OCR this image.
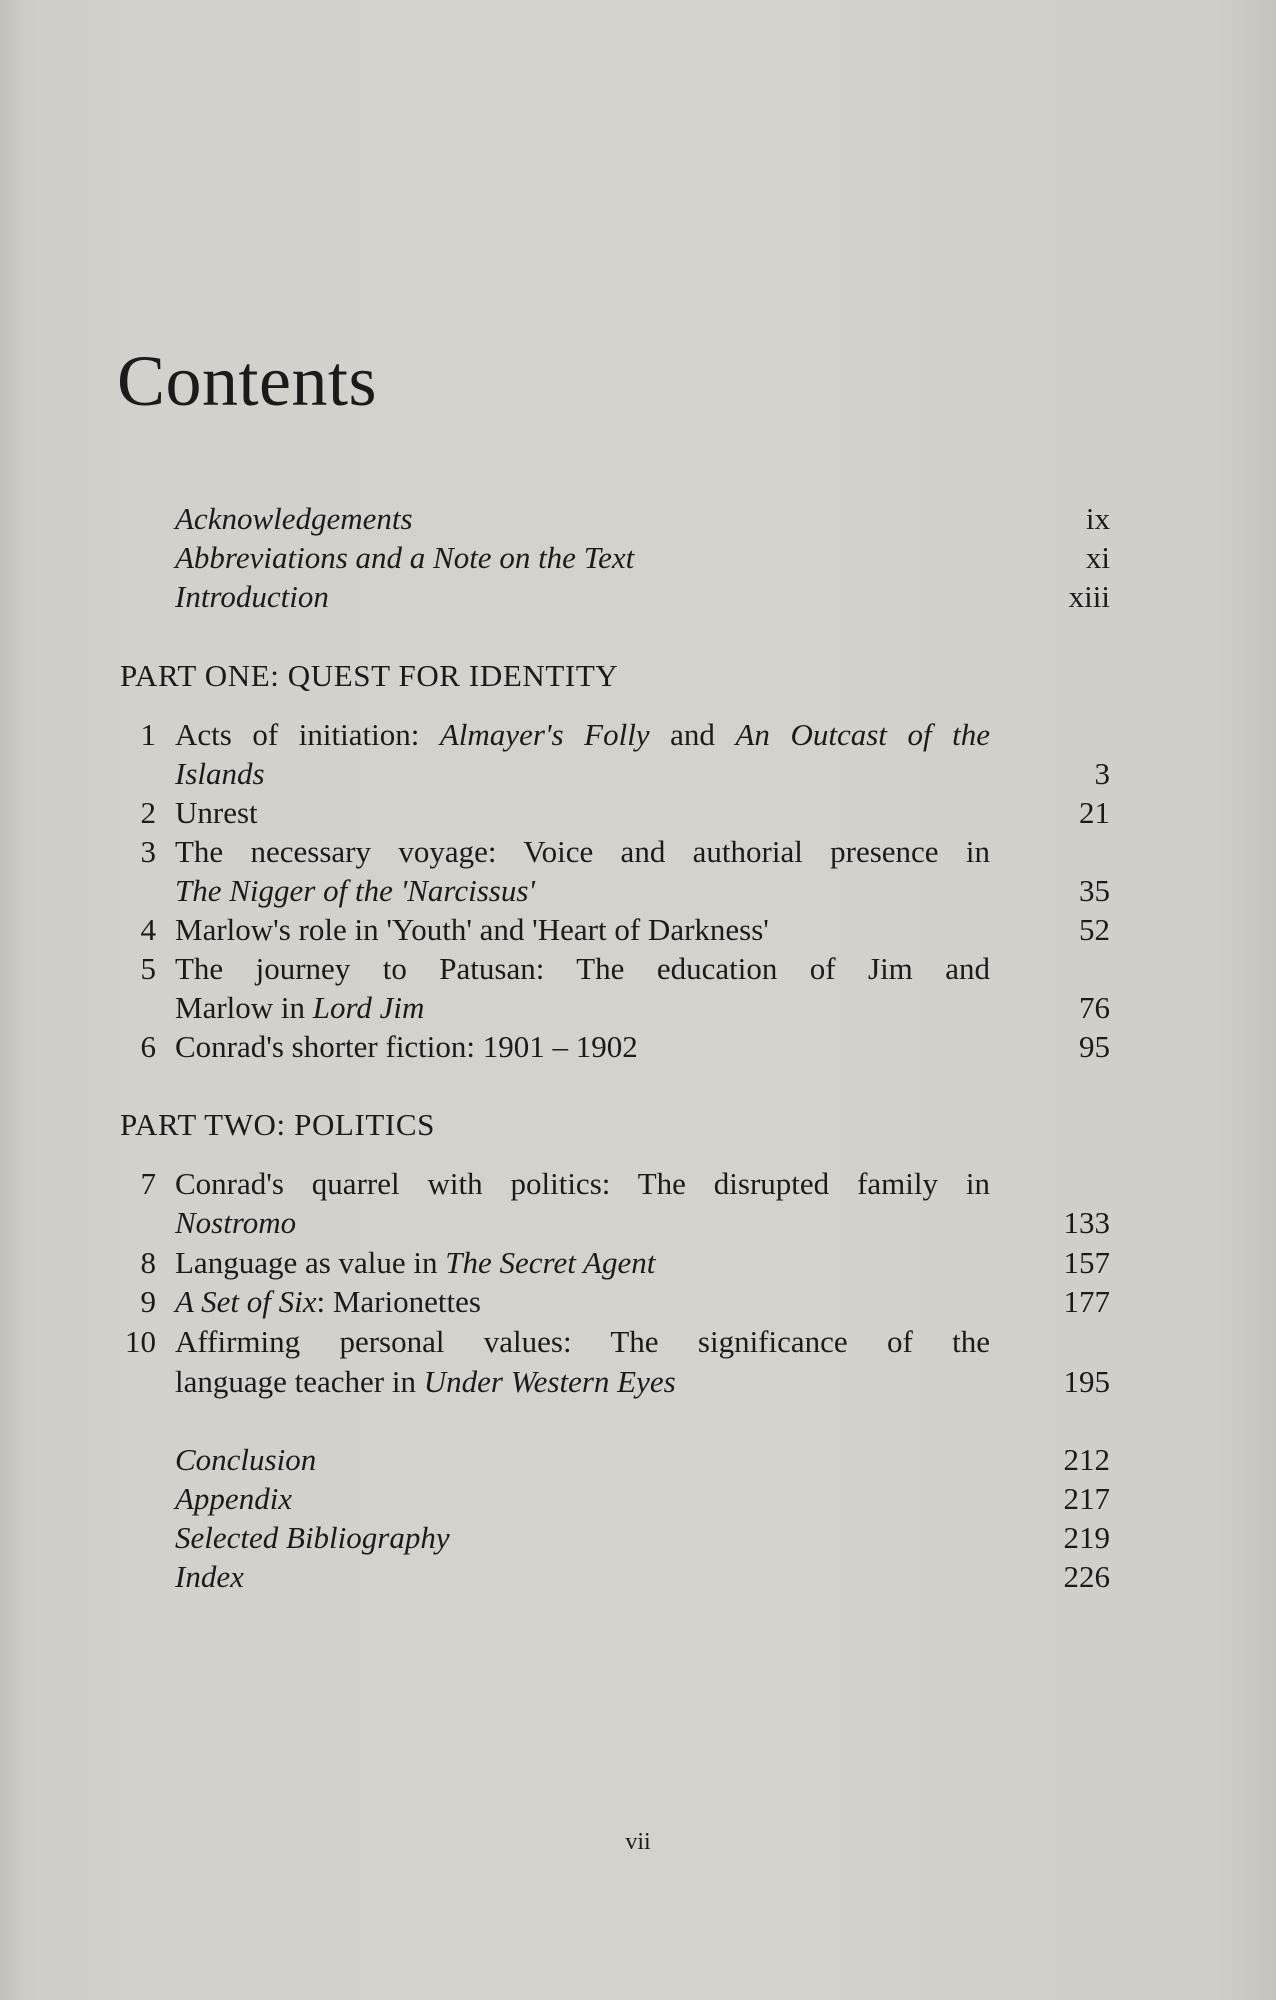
Contents
Acknowledgements	ix
Abbreviations and a Note on the Text	xi
Introduction	xiii
PART ONE: QUEST FOR IDENTITY
1 Acts of initiation: Almayer's Folly and An Outcast of the
Islands	3
2 Unrest	21
3 The necessary voyage: Voice and authorial presence in
The Nigger of the 'Narcissus'	35
4 Marlow's role in 'Youth' and 'Heart of Darkness'	52
5 The journey to Patusan: The education of Jim and
Marlow in Lord Jim	76
6 Conrad's shorter fiction: 1901 – 1902	95
PART TWO: POLITICS
7 Conrad's quarrel with politics: The disrupted family in
Nostromo	133
8 Language as value in The Secret Agent	157
9 A Set of Six: Marionettes	177
10 Affirming personal values: The significance of the
language teacher in Under Western Eyes	195
Conclusion	212
Appendix	217
Selected Bibliography	219
Index	226
vii
